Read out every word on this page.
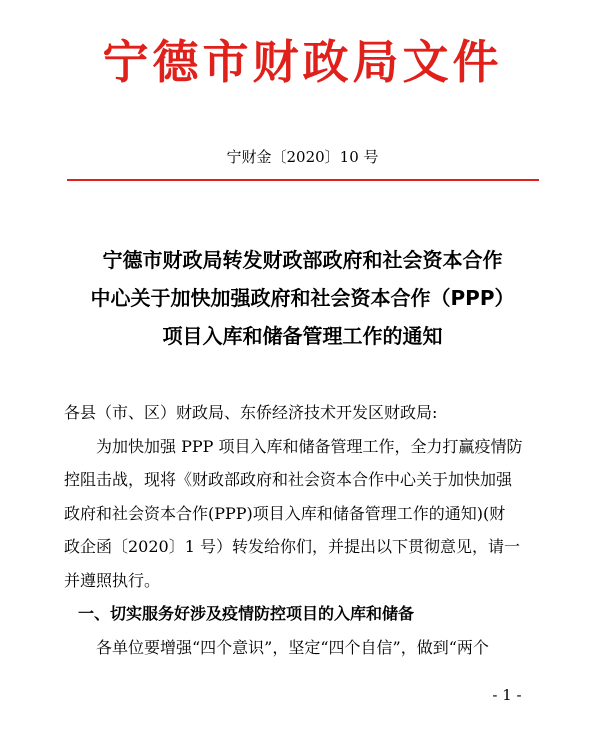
宁德市财政局文件
宁财金〔2020〕10 号
宁德市财政局转发财政部政府和社会资本合作
中心关于加快加强政府和社会资本合作（PPP）
项目入库和储备管理工作的通知

各县（市、区）财政局、东侨经济技术开发区财政局:

为加快加强 PPP 项目入库和储备管理工作，全力打赢疫情防

控阻击战，现将《财政部政府和社会资本合作中心关于加快加强

政府和社会资本合作(PPP)项目入库和储备管理工作的通知)(财

政企函〔2020〕1 号）转发给你们，并提出以下贯彻意见，请一

并遵照执行。

一、切实服务好涉及疫情防控项目的入库和储备

各单位要增强“四个意识”，坚定“四个自信”，做到“两个

- 1 -
